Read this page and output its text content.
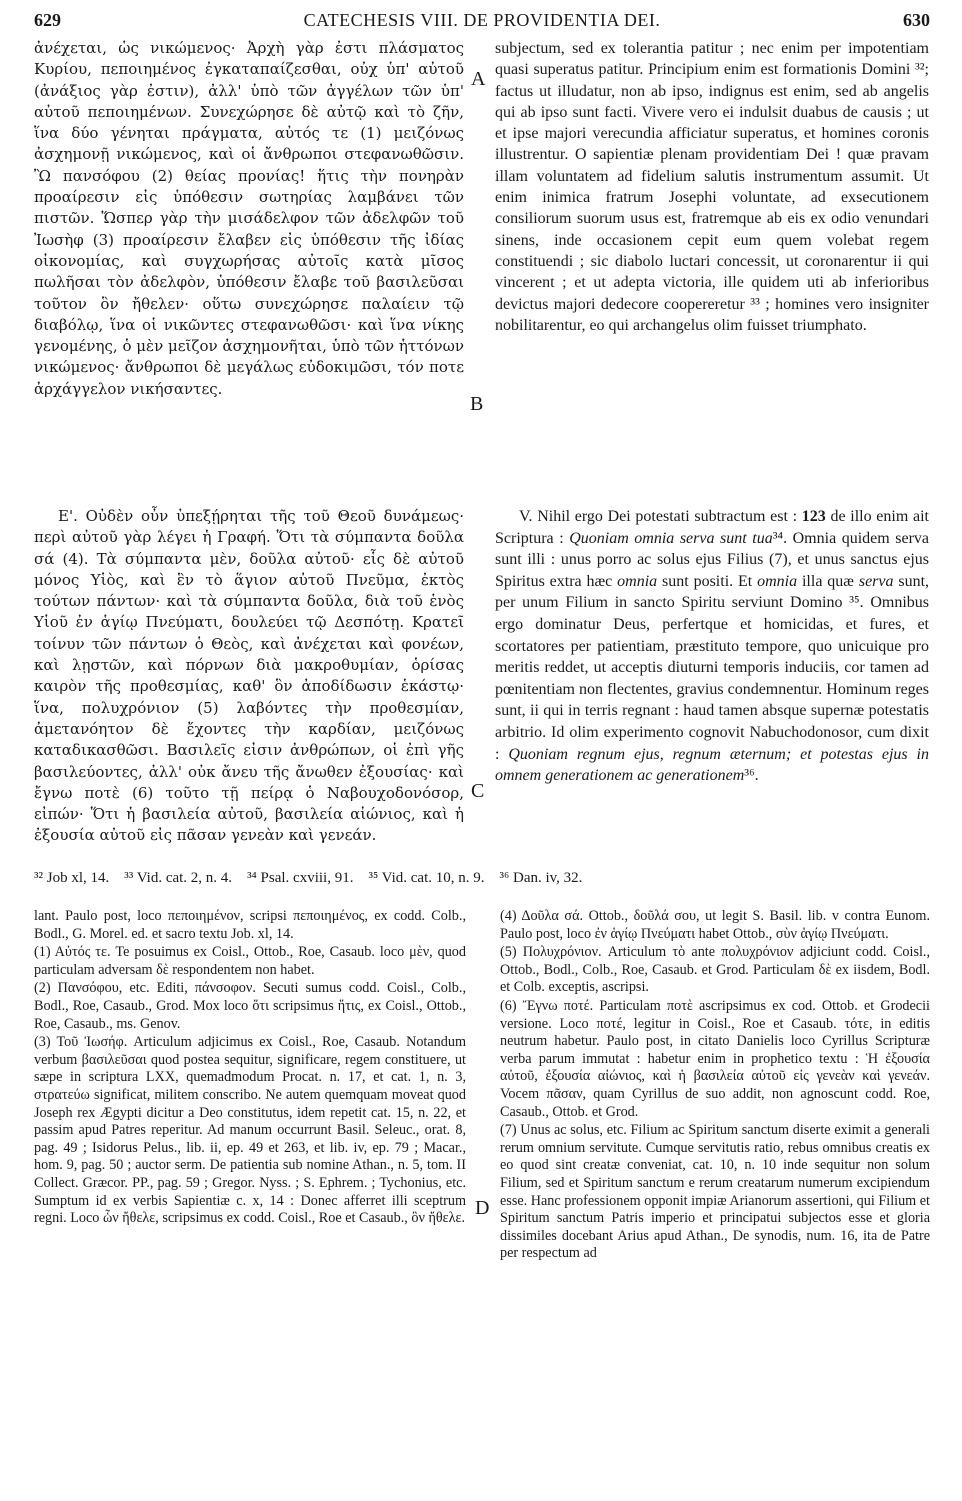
629	CATECHESIS VIII. DE PROVIDENTIA DEI.	630

ἀνέχεται, ὡς νικώμενος· Ἀρχὴ γὰρ ἐστι πλάσματος Κυρίου, πεποιημένος ἐγκαταπαίζεσθαι, οὐχ ὑπ' αὐτοῦ (ἀνάξιος γὰρ ἐστιν), ἀλλ' ὑπὸ τῶν ἀγγέλων τῶν ὑπ' αὐτοῦ πεποιημένων. Συνεχώρησε δὲ αὐτῷ καὶ τὸ ζῆν, ἵνα δύο γένηται πράγματα, αὐτός τε (1) μειζόνως ἀσχημονῇ νικώμενος, καὶ οἱ ἄνθρωποι στεφανωθῶσιν. Ὢ πανσόφου (2) θείας προνίας! ἥτις τὴν πονηρὰν προαίρεσιν εἰς ὑπόθεσιν σωτηρίας λαμβάνει τῶν πιστῶν. Ὥσπερ γὰρ τὴν μισάδελφον τῶν ἀδελφῶν τοῦ Ἰωσὴφ (3) προαίρεσιν ἔλαβεν εἰς ὑπόθεσιν τῆς ἰδίας οἰκονομίας, καὶ συγχωρήσας αὐτοῖς κατὰ μῖσος πωλῆσαι τὸν ἀδελφὸν, ὑπόθεσιν ἔλαβε τοῦ βασιλεῦσαι τοῦτον ὃν ἤθελεν· οὕτω συνεχώρησε παλαίειν τῷ διαβόλῳ, ἵνα οἱ νικῶντες στεφανωθῶσι· καὶ ἵνα νίκης γενομένης, ὁ μὲν μεῖζον ἀσχημονῆται, ὑπὸ τῶν ἡττόνων νικώμενος· ἄνθρωποι δὲ μεγάλως εὐδοκιμῶσι, τόν ποτε ἀρχάγγελον νικήσαντες.

subjectum, sed ex tolerantia patitur ; nec enim per impotentiam quasi superatus patitur. Principium enim est formationis Domini ³²; factus ut illudatur, non ab ipso, indignus est enim, sed ab angelis qui ab ipso sunt facti. Vivere vero ei indulsit duabus de causis ; ut et ipse majori verecundia afficiatur superatus, et homines coronis illustrentur. O sapientiæ plenam providentiam Dei ! quæ pravam illam voluntatem ad fidelium salutis instrumentum assumit. Ut enim inimica fratrum Josephi voluntate, ad exsecutionem consiliorum suorum usus est, fratremque ab eis ex odio venundari sinens, inde occasionem cepit eum quem volebat regem constituendi ; sic diabolo luctari concessit, ut coronarentur ii qui vincerent ; et ut adepta victoria, ille quidem uti ab inferioribus devictus majori dedecore coopereretur ³³ ; homines vero insigniter nobilitarentur, eo qui archangelus olim fuisset triumphato.

Ε'. Οὐδὲν οὖν ὑπεξῄρηται τῆς τοῦ Θεοῦ δυνάμεως· περὶ αὐτοῦ γὰρ λέγει ἡ Γραφή. Ὅτι τὰ σύμπαντα δοῦλα σά (4). Τὰ σύμπαντα μὲν, δοῦλα αὐτοῦ· εἷς δὲ αὐτοῦ μόνος Υἱὸς, καὶ ἓν τὸ ἅγιον αὐτοῦ Πνεῦμα, ἐκτὸς τούτων πάντων· καὶ τὰ σύμπαντα δοῦλα, διὰ τοῦ ἑνὸς Υἱοῦ ἐν ἁγίῳ Πνεύματι, δουλεύει τῷ Δεσπότῃ. Κρατεῖ τοίνυν τῶν πάντων ὁ Θεὸς, καὶ ἀνέχεται καὶ φονέων, καὶ λῃστῶν, καὶ πόρνων διὰ μακροθυμίαν, ὁρίσας καιρὸν τῆς προθεσμίας, καθ' ὃν ἀποδίδωσιν ἑκάστῳ· ἵνα, πολυχρόνιον (5) λαβόντες τὴν προθεσμίαν, ἀμετανόητον δὲ ἔχοντες τὴν καρδίαν, μειζόνως καταδικασθῶσι. Βασιλεῖς εἰσιν ἀνθρώπων, οἱ ἐπὶ γῆς βασιλεύοντες, ἀλλ' οὐκ ἄνευ τῆς ἄνωθεν ἐξουσίας· καὶ ἔγνω ποτὲ (6) τοῦτο τῇ πείρᾳ ὁ Ναβουχοδονόσορ, εἰπών· Ὅτι ἡ βασιλεία αὐτοῦ, βασιλεία αἰώνιος, καὶ ἡ ἐξουσία αὐτοῦ εἰς πᾶσαν γενεὰν καὶ γενεάν.

V. Nihil ergo Dei potestati subtractum est : 123 de illo enim ait Scriptura : Quoniam omnia serva sunt tua³⁴. Omnia quidem serva sunt illi : unus porro ac solus ejus Filius (7), et unus sanctus ejus Spiritus extra hæc omnia sunt positi. Et omnia illa quæ serva sunt, per unum Filium in sancto Spiritu serviunt Domino ³⁵. Omnibus ergo dominatur Deus, perfertque et homicidas, et fures, et scortatores per patientiam, præstituto tempore, quo unicuique pro meritis reddet, ut acceptis diuturni temporis induciis, cor tamen ad pœnitentiam non flectentes, gravius condemnentur. Hominum reges sunt, ii qui in terris regnant : haud tamen absque supernæ potestatis arbitrio. Id olim experimento cognovit Nabuchodonosor, cum dixit : Quoniam regnum ejus, regnum æternum; et potestas ejus in omnem generationem ac generationem³⁶.

A
B
C
D
³² Job xl, 14. ³³ Vid. cat. 2, n. 4. ³⁴ Psal. cxviii, 91. ³⁵ Vid. cat. 10, n. 9. ³⁶ Dan. iv, 32.

lant. Paulo post, loco πεποιημένον, scripsi πεποιημένος, ex codd. Colb., Bodl., G. Morel. ed. et sacro textu Job. xl, 14.

(1) Αὐτός τε. Te posuimus ex Coisl., Ottob., Roe, Casaub. loco μὲν, quod particulam adversam δὲ respondentem non habet.

(2) Πανσόφου, etc. Editi, πάνσοφον. Secuti sumus codd. Coisl., Colb., Bodl., Roe, Casaub., Grod. Mox loco ὅτι scripsimus ἥτις, ex Coisl., Ottob., Roe, Casaub., ms. Genov.

(3) Τοῦ Ἰωσήφ. Articulum adjicimus ex Coisl., Roe, Casaub. Notandum verbum βασιλεῦσαι quod postea sequitur, significare, regem constituere, ut sæpe in scriptura LXX, quemadmodum Procat. n. 17, et cat. 1, n. 3, στρατεύω significat, militem conscribo. Ne autem quemquam moveat quod Joseph rex Ægypti dicitur a Deo constitutus, idem repetit cat. 15, n. 22, et passim apud Patres reperitur. Ad manum occurrunt Basil. Seleuc., orat. 8, pag. 49 ; Isidorus Pelus., lib. ii, ep. 49 et 263, et lib. iv, ep. 79 ; Macar., hom. 9, pag. 50 ; auctor serm. De patientia sub nomine Athan., n. 5, tom. II Collect. Græcor. PP., pag. 59 ; Gregor. Nyss. ; S. Ephrem. ; Tychonius, etc. Sumptum id ex verbis Sapientiæ c. x, 14 : Donec afferret illi sceptrum regni. Loco ὧν ἤθελε, scripsimus ex codd. Coisl., Roe et Casaub., ὃν ἤθελε.

(4) Δοῦλα σά. Ottob., δοῦλά σου, ut legit S. Basil. lib. v contra Eunom. Paulo post, loco ἐν ἁγίῳ Πνεύματι habet Ottob., σὺν ἁγίῳ Πνεύματι.

(5) Πολυχρόνιον. Articulum τὸ ante πολυχρόνιον adjiciunt codd. Coisl., Ottob., Bodl., Colb., Roe, Casaub. et Grod. Particulam δὲ ex iisdem, Bodl. et Colb. exceptis, ascripsi.

(6) Ἔγνω ποτέ. Particulam ποτὲ ascripsimus ex cod. Ottob. et Grodecii versione. Loco ποτέ, legitur in Coisl., Roe et Casaub. τότε, in editis neutrum habetur. Paulo post, in citato Danielis loco Cyrillus Scripturæ verba parum immutat : habetur enim in prophetico textu : Ἡ ἐξουσία αὐτοῦ, ἐξουσία αἰώνιος, καὶ ἡ βασιλεία αὐτοῦ εἰς γενεὰν καὶ γενεάν. Vocem πᾶσαν, quam Cyrillus de suo addit, non agnoscunt codd. Roe, Casaub., Ottob. et Grod.

(7) Unus ac solus, etc. Filium ac Spiritum sanctum diserte eximit a generali rerum omnium servitute. Cumque servitutis ratio, rebus omnibus creatis ex eo quod sint creatæ conveniat, cat. 10, n. 10 inde sequitur non solum Filium, sed et Spiritum sanctum e rerum creatarum numerum excipiendum esse. Hanc professionem opponit impiæ Arianorum assertioni, qui Filium et Spiritum sanctum Patris imperio et principatui subjectos esse et gloria dissimiles docebant Arius apud Athan., De synodis, num. 16, ita de Patre per respectum ad
